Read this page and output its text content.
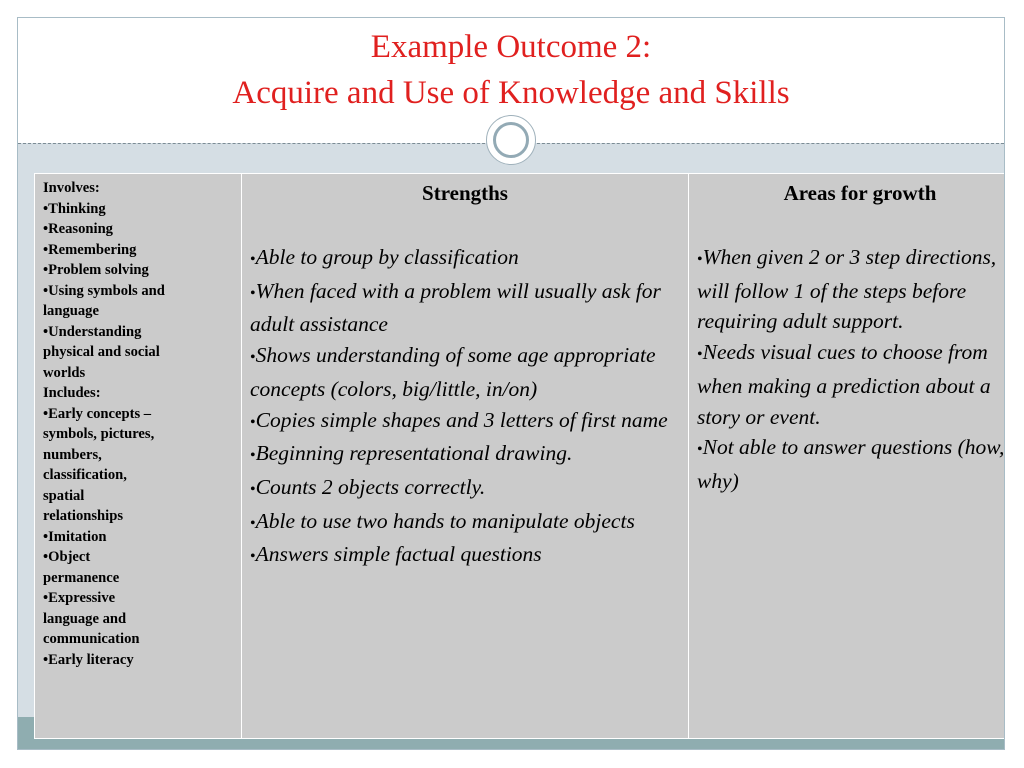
Example Outcome 2:

Acquire and Use of Knowledge and Skills

Involves:
•Thinking
•Reasoning
•Remembering
•Problem solving
•Using symbols and
language
•Understanding
physical and social
worlds
Includes:
•Early concepts –
symbols, pictures,
numbers,
classification,
spatial
relationships
•Imitation
•Object
permanence
•Expressive
language and
communication
•Early literacy

Strengths

•Able to group by classification
•When faced with a problem will usually ask for adult assistance
•Shows understanding of some age appropriate concepts (colors, big/little, in/on)
•Copies simple shapes and 3 letters of first name
•Beginning representational drawing.
•Counts 2 objects correctly.
•Able to use two hands to manipulate objects
•Answers simple factual questions

Areas for growth

•When given 2 or 3 step directions, will follow 1 of the steps before requiring adult support.
•Needs visual cues to choose from when making a prediction about a story or event.
•Not able to answer questions (how, why)
